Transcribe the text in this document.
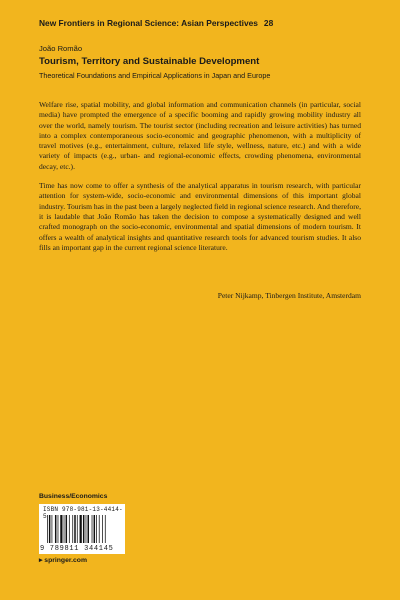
New Frontiers in Regional Science: Asian Perspectives 28
João Romão
Tourism, Territory and Sustainable Development
Theoretical Foundations and Empirical Applications in Japan and Europe

Welfare rise, spatial mobility, and global information and communication channels (in particular, social media) have prompted the emergence of a specific booming and rapidly growing mobility industry all over the world, namely tourism. The tourist sector (including recreation and leisure activities) has turned into a complex contemporaneous socio-economic and geographic phenomenon, with a multiplicity of travel motives (e.g., entertainment, culture, relaxed life style, wellness, nature, etc.) and with a wide variety of impacts (e.g., urban- and regional-economic effects, crowding phenomena, environmental decay, etc.).

Time has now come to offer a synthesis of the analytical apparatus in tourism research, with particular attention for system-wide, socio-economic and environmental dimensions of this important global industry. Tourism has in the past been a largely neglected field in regional science research. And therefore, it is laudable that João Romão has taken the decision to compose a systematically designed and well crafted monograph on the socio-economic, environmental and spatial dimensions of modern tourism. It offers a wealth of analytical insights and quantitative research tools for advanced tourism studies. It also fills an important gap in the current regional science literature.

Peter Nijkamp, Tinbergen Institute, Amsterdam
Business/Economics
ISBN 978-981-13-4414-5
9 789811 344145
▸ springer.com
